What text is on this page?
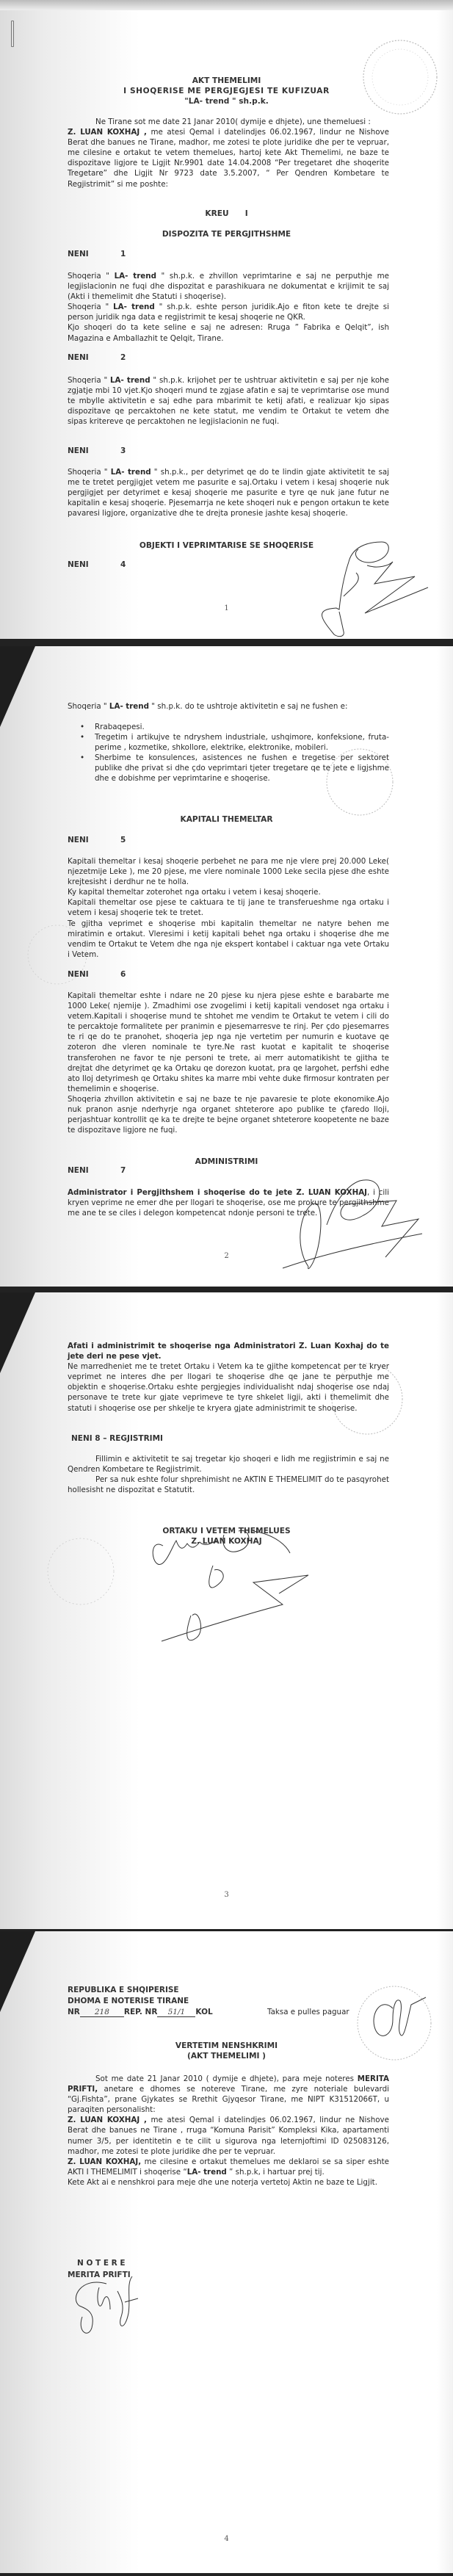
AKT THEMELIMI
I SHOQERISE ME PERGJEGJESI TE KUFIZUAR
"LA- trend " sh.p.k.
Ne Tirane sot me date 21 Janar 2010( dymije e dhjete), une themeluesi :
Z. LUAN KOXHAJ , me atesi Qemal i datelindjes 06.02.1967, lindur ne Nishove Berat dhe banues ne Tirane, madhor, me zotesi te plote juridike dhe per te vepruar, me cilesine e ortakut te vetem themelues, hartoj kete Akt Themelimi, ne baze te dispozitave ligjore te Ligjit Nr.9901 date 14.04.2008 “Per tregetaret dhe shoqerite Tregetare” dhe Ligjit Nr 9723 date 3.5.2007, “ Per Qendren Kombetare te Regjistrimit” si me poshte:
KREU      I
DISPOZITA TE PERGJITHSHME
NENI	1
Shoqeria " LA- trend " sh.p.k. e zhvillon veprimtarine e saj ne perputhje me legjislacionin ne fuqi dhe dispozitat e parashikuara ne dokumentat e krijimit te saj (Akti i themelimit dhe Statuti i shoqerise).
Shoqeria " LA- trend " sh.p.k. eshte person juridik.Ajo e fiton kete te drejte si person juridik nga data e regjistrimit te kesaj shoqerie ne QKR.
Kjo shoqeri do ta kete seline e saj ne adresen: Rruga ” Fabrika e Qelqit”, ish Magazina e Amballazhit te Qelqit, Tirane.
NENI	2
Shoqeria " LA- trend " sh.p.k. krijohet per te ushtruar aktivitetin e saj per nje kohe zgjatje mbi 10 vjet.Kjo shoqeri mund te zgjase afatin e saj te veprimtarise ose mund te mbylle aktivitetin e saj edhe para mbarimit te ketij afati, e realizuar kjo sipas dispozitave qe percaktohen ne kete statut, me vendim te Ortakut te vetem dhe sipas kritereve qe percaktohen ne legjislacionin ne fuqi.
NENI	3
Shoqeria " LA- trend " sh.p.k., per detyrimet qe do te lindin gjate aktivitetit te saj me te tretet pergjigjet vetem me pasurite e saj.Ortaku i vetem i kesaj shoqerie nuk pergjigjet per detyrimet e kesaj shoqerie me pasurite e tyre qe nuk jane futur ne kapitalin e kesaj shoqerie. Pjesemarrja ne kete shoqeri nuk e pengon ortakun te kete pavaresi ligjore, organizative dhe te drejta pronesie jashte kesaj shoqerie.
OBJEKTI I VEPRIMTARISE SE SHOQERISE
NENI	4
1
Shoqeria " LA- trend " sh.p.k. do te ushtroje aktivitetin e saj ne fushen e:
• Rrabaqepesi.
• Tregetim i artikujve te ndryshem industriale, ushqimore, konfeksione, fruta- perime , kozmetike, shkollore, elektrike, elektronike, mobileri.
• Sherbime te konsulences, asistences ne fushen e tregetise per sektoret publike dhe privat si dhe çdo veprimtari tjeter tregetare qe te jete e ligjshme dhe e dobishme per veprimtarine e shoqerise.
KAPITALI THEMELTAR
NENI	5
Kapitali themeltar i kesaj shoqerie perbehet ne para me nje vlere prej 20.000 Leke( njezetmije Leke ), me 20 pjese, me vlere nominale 1000 Leke secila pjese dhe eshte krejtesisht i derdhur ne te holla.
Ky kapital themeltar zoterohet nga ortaku i vetem i kesaj shoqerie.
Kapitali themeltar ose pjese te caktuara te tij jane te transferueshme nga ortaku i vetem i kesaj shoqerie tek te tretet.
Te gjitha veprimet e shoqerise mbi kapitalin themeltar ne natyre behen me miratimin e ortakut. Vleresimi i ketij kapitali behet nga ortaku i shoqerise dhe me vendim te Ortakut te Vetem dhe nga nje ekspert kontabel i caktuar nga vete Ortaku i Vetem.
NENI	6
Kapitali themeltar eshte i ndare ne 20 pjese ku njera pjese eshte e barabarte me 1000 Leke( njemije ). Zmadhimi ose zvogelimi i ketij kapitali vendoset nga ortaku i vetem.Kapitali i shoqerise mund te shtohet me vendim te Ortakut te vetem i cili do te percaktoje formalitete per pranimin e pjesemarresve te rinj. Per çdo pjesemarres te ri qe do te pranohet, shoqeria jep nga nje vertetim per numurin e kuotave qe zoteron dhe vleren nominale te tyre.Ne rast kuotat e kapitalit te shoqerise transferohen ne favor te nje personi te trete, ai merr automatikisht te gjitha te drejtat dhe detyrimet qe ka Ortaku qe dorezon kuotat, pra qe largohet, perfshi edhe ato lloj detyrimesh qe Ortaku shites ka marre mbi vehte duke firmosur kontraten per themelimin e shoqerise.
Shoqeria zhvillon aktivitetin e saj ne baze te nje pavaresie te plote ekonomike.Ajo nuk pranon asnje nderhyrje nga organet shteterore apo publike te çfaredo lloji, perjashtuar kontrollit qe ka te drejte te bejne organet shteterore koopetente ne baze te dispozitave ligjore ne fuqi.
ADMINISTRIMI
NENI	7
Administrator i Pergjithshem i shoqerise do te jete Z. LUAN KOXHAJ, i cili kryen veprime ne emer dhe per llogari te shoqerise, ose me prokure te pergjithshme me ane te se ciles i delegon kompetencat ndonje personi te trete.
2
Afati i administrimit te shoqerise nga Administratori Z. Luan Koxhaj do te jete deri ne pese vjet.
Ne marredheniet me te tretet Ortaku i Vetem ka te gjithe kompetencat per te kryer veprimet ne interes dhe per llogari te shoqerise dhe qe jane te perputhje me objektin e shoqerise.Ortaku eshte pergjegjes individualisht ndaj shoqerise ose ndaj personave te trete kur gjate veprimeve te tyre shkelet ligji, akti i themelimit dhe statuti i shoqerise ose per shkelje te kryera gjate administrimit te shoqerise.
NENI 8 – REGJISTRIMI
Fillimin e aktivitetit te saj tregetar kjo shoqeri e lidh me regjistrimin e saj ne Qendren Kombetare te Regjistrimit.
Per sa nuk eshte folur shprehimisht ne AKTIN E THEMELIMIT do te pasqyrohet hollesisht ne dispozitat e Statutit.
ORTAKU I VETEM THEMELUES
Z. LUAN KOXHAJ
3
REPUBLIKA E SHQIPERISE
DHOMA E NOTERISE TIRANE
NR 218 REP. NR 51/1 KOL	Taksa e pulles paguar
VERTETIM NENSHKRIMI
(AKT THEMELIMI )
Sot me date 21 Janar 2010 ( dymije e dhjete), para meje noteres MERITA PRIFTI, anetare e dhomes se notereve Tirane, me zyre noteriale bulevardi “Gj.Fishta”, prane Gjykates se Rrethit Gjyqesor Tirane, me NIPT K31512066T, u paraqiten personalisht:
Z. LUAN KOXHAJ , me atesi Qemal i datelindjes 06.02.1967, lindur ne Nishove Berat dhe banues ne Tirane , rruga “Komuna Parisit” Kompleksi Kika, apartamenti numer 3/5, per identitetin e te cilit u sigurova nga leternjoftimi ID 025083126, madhor, me zotesi te plote juridike dhe per te vepruar.
Z. LUAN KOXHAJ, me cilesine e ortakut themelues me deklaroi se sa siper eshte AKTI I THEMELIMIT i shoqerise “LA- trend ” sh.p.k, i hartuar prej tij.
Kete Akt ai e nenshkroi para meje dhe une noterja vertetoj Aktin ne baze te Ligjit.
N O T E R E
MERITA PRIFTI
4
